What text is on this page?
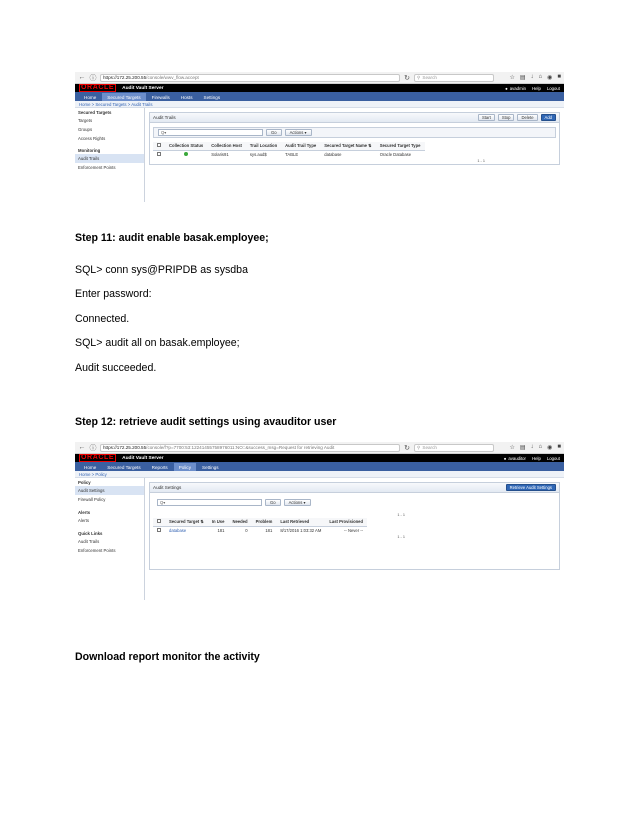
← ⓘ https://172.25.200.55 /console/wwv_flow.accept	↻ ⚲ Search	☆ ▤ ↓ ⌂ ◉ ■
ORACLE	Audit Vault Server	● avadmin Help Logout
Home	Secured Targets	Firewalls	Hosts	Settings
Home > Secured Targets > Audit Trails
Secured Targets
Targets
Groups
Access Rights
Monitoring
Audit Trails
Enforcement Points
Audit Trails	Start	Stop	Delete	Add
Q▾	Go	Actions ▾
	Collection Status	Collection Host	Trail Location	Audit Trail Type	Secured Target Name ⇅	Secured Target Type
		Solaris91	sys.aud$	TABLE	database	Oracle Database
1 - 1
Step 11: audit enable basak.employee;
SQL> conn sys@PRIPDB as sysdba
Enter password:
Connected.
SQL> audit all on basak.employee;
Audit succeeded.
Step 12: retrieve audit settings using avauditor user
← ⓘ https://172.25.200.55 /console/f?p=7700:53:12241455758976011:NO::&success_msg=Request for retrieving Audit	↻ ⚲ Search	☆ ▤ ↓ ⌂ ◉ ■
ORACLE	Audit Vault Server	● avauditor Help Logout
Home	Secured Targets	Reports	Policy	Settings
Home > Policy
Policy
Audit Settings
Firewall Policy
Alerts
Alerts
Quick Links
Audit Trails
Enforcement Points
Audit Settings	Retrieve Audit Settings
Q▾	Go	Actions ▾
1 - 1
	Secured Target ⇅	In Use	Needed	Problem	Last Retrieved	Last Provisioned
	database	181	0	181	8/17/2016 1:03:32 AM	-- Never --
1 - 1
Download report monitor the activity
